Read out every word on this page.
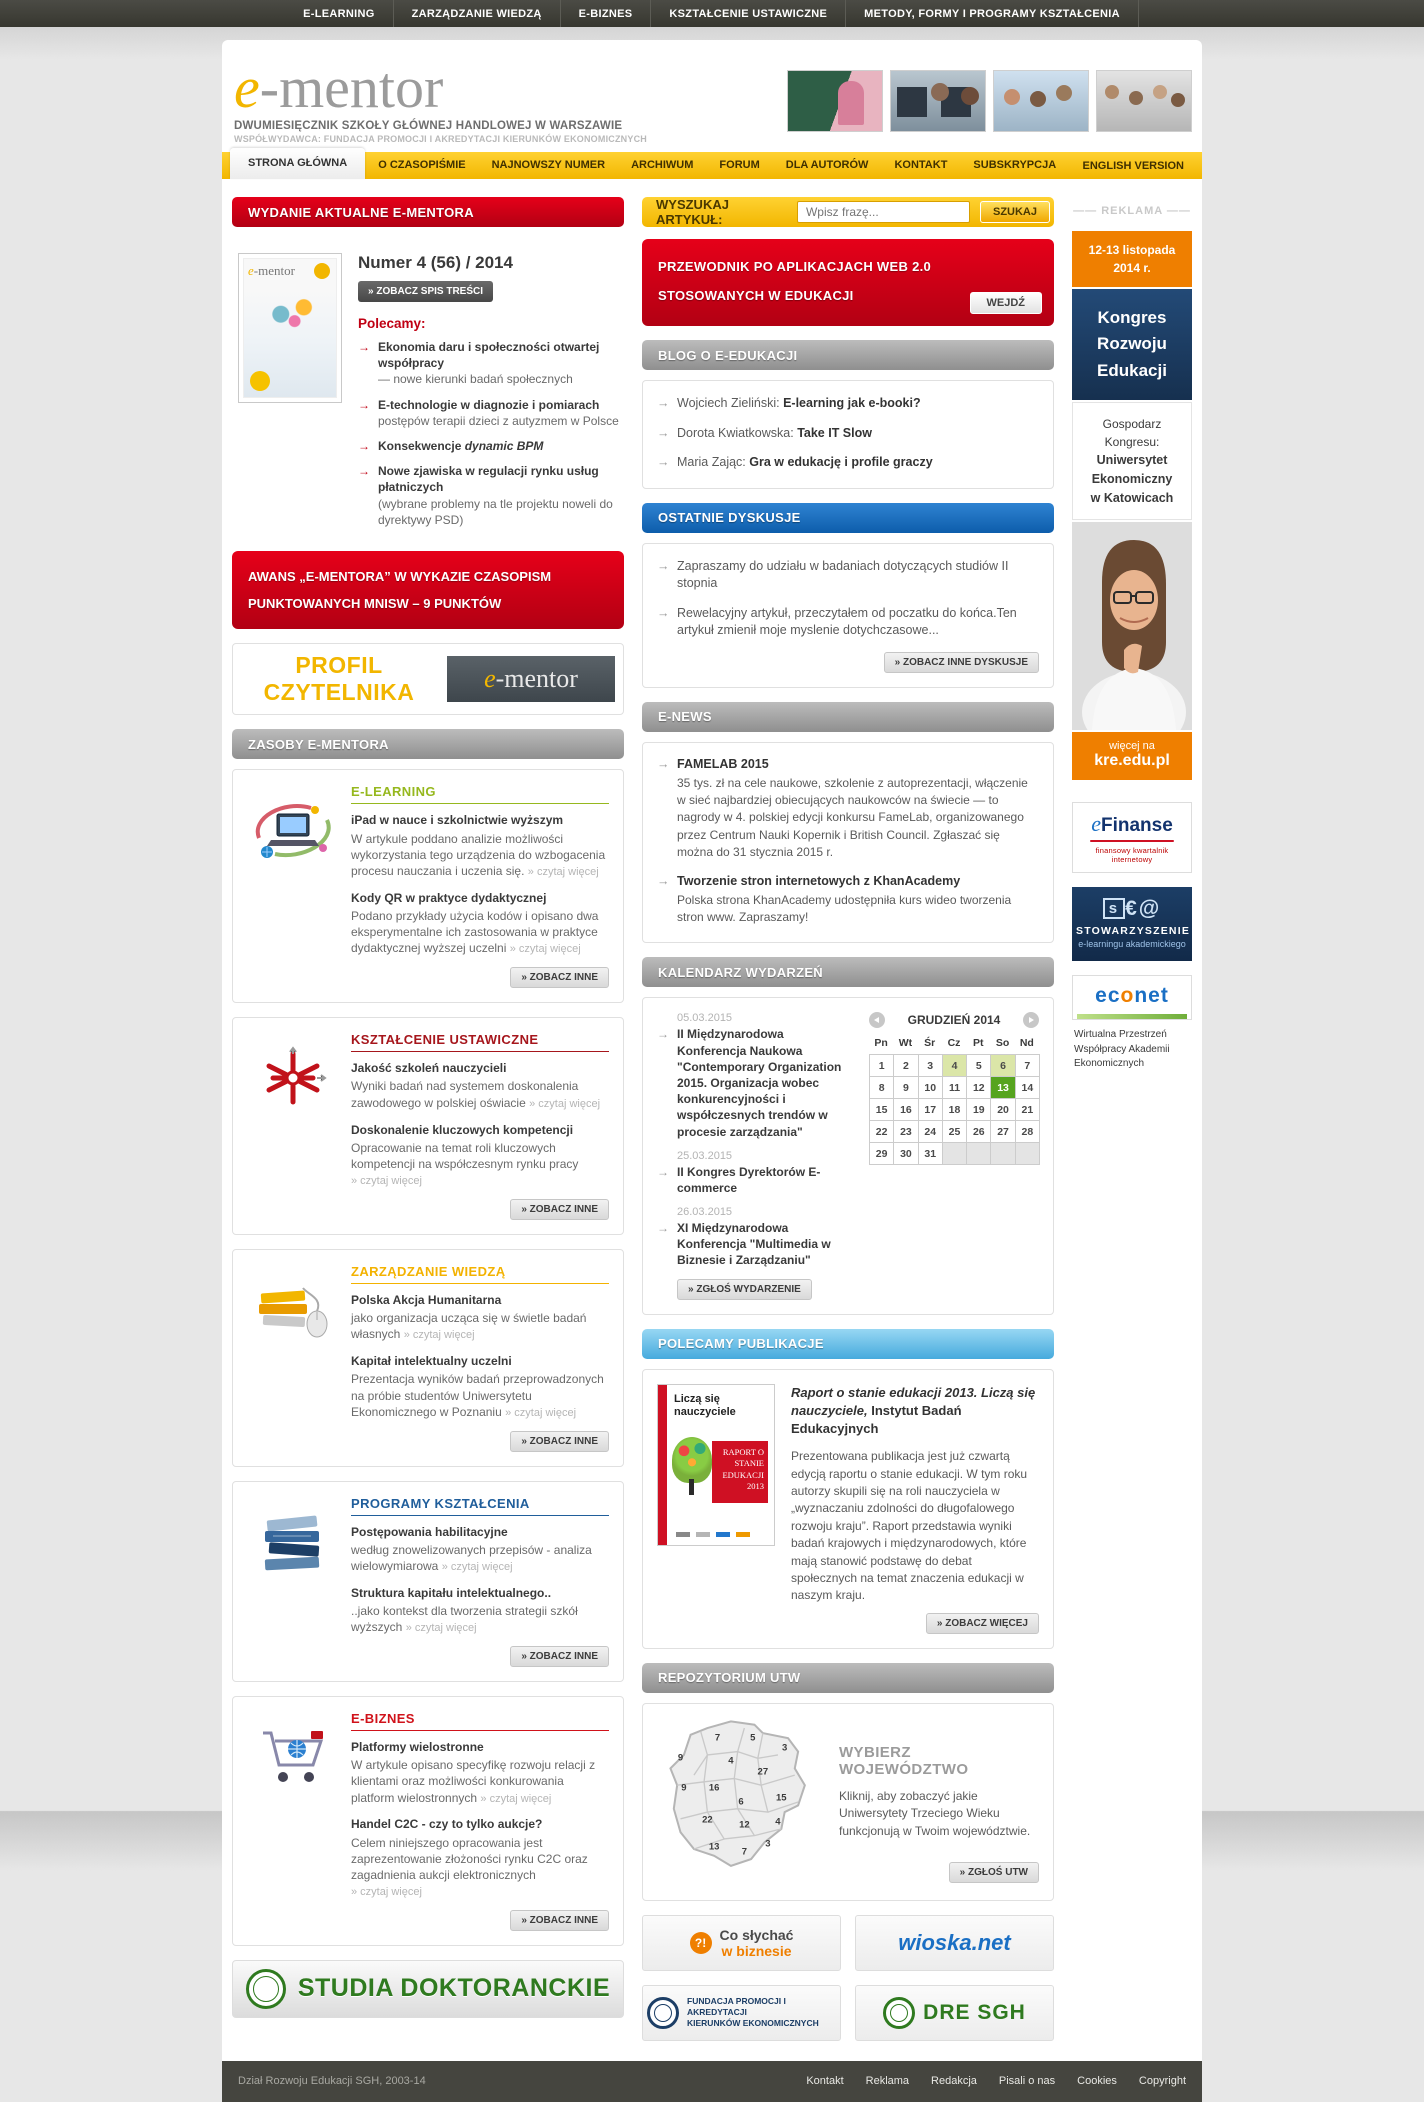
E-LEARNING	ZARZĄDZANIE WIEDZĄ	E-BIZNES	KSZTAŁCENIE USTAWICZNE	METODY, FORMY I PROGRAMY KSZTAŁCENIA
e-mentor
DWUMIESIĘCZNIK SZKOŁY GŁÓWNEJ HANDLOWEJ W WARSZAWIE
WSPÓŁWYDAWCA: FUNDACJA PROMOCJI I AKREDYTACJI KIERUNKÓW EKONOMICZNYCH
STRONA GŁÓWNA	O CZASOPIŚMIE	NAJNOWSZY NUMER	ARCHIWUM	FORUM	DLA AUTORÓW	KONTAKT	SUBSKRYPCJA	ENGLISH VERSION
WYDANIE AKTUALNE E-MENTORA
e-mentor	Numer 4 (56) / 2014
» ZOBACZ SPIS TREŚCI
Polecamy:
→ Ekonomia daru i społeczności otwartej współpracy
— nowe kierunki badań społecznych
→ E-technologie w diagnozie i pomiarach
postępów terapii dzieci z autyzmem w Polsce
→ Konsekwencje dynamic BPM
→ Nowe zjawiska w regulacji rynku usług płatniczych
(wybrane problemy na tle projektu noweli do dyrektywy PSD)
AWANS „E-MENTORA” W WYKAZIE CZASOPISM
PUNKTOWANYCH MNISW – 9 PUNKTÓW
PROFIL CZYTELNIKA	e -mentor
ZASOBY E-MENTORA
E-LEARNING
iPad w nauce i szkolnictwie wyższym
W artykule poddano analizie możliwości wykorzystania tego urządzenia do wzbogacenia procesu nauczania i uczenia się. » czytaj więcej
Kody QR w praktyce dydaktycznej
Podano przykłady użycia kodów i opisano dwa eksperymentalne ich zastosowania w praktyce dydaktycznej wyższej uczelni » czytaj więcej
» ZOBACZ INNE
KSZTAŁCENIE USTAWICZNE
Jakość szkoleń nauczycieli
Wyniki badań nad systemem doskonalenia zawodowego w polskiej oświacie » czytaj więcej
Doskonalenie kluczowych kompetencji
Opracowanie na temat roli kluczowych kompetencji na współczesnym rynku pracy » czytaj więcej
» ZOBACZ INNE
ZARZĄDZANIE WIEDZĄ
Polska Akcja Humanitarna
jako organizacja ucząca się w świetle badań własnych » czytaj więcej
Kapitał intelektualny uczelni
Prezentacja wyników badań przeprowadzonych na próbie studentów Uniwersytetu Ekonomicznego w Poznaniu » czytaj więcej
» ZOBACZ INNE
PROGRAMY KSZTAŁCENIA
Postępowania habilitacyjne
według znowelizowanych przepisów - analiza wielowymiarowa » czytaj więcej
Struktura kapitału intelektualnego..
..jako kontekst dla tworzenia strategii szkół wyższych » czytaj więcej
» ZOBACZ INNE
E-BIZNES
Platformy wielostronne
W artykule opisano specyfikę rozwoju relacji z klientami oraz możliwości konkurowania platform wielostronnych » czytaj więcej
Handel C2C - czy to tylko aukcje?
Celem niniejszego opracowania jest zaprezentowanie złożoności rynku C2C oraz zagadnienia aukcji elektronicznych » czytaj więcej
» ZOBACZ INNE
STUDIA DOKTORANCKIE
WYSZUKAJ ARTYKUŁ:
Wpisz frazę...	SZUKAJ
PRZEWODNIK PO APLIKACJACH WEB 2.0
STOSOWANYCH W EDUKACJI
WEJDŹ
BLOG O E-EDUKACJI
→ Wojciech Zieliński: E-learning jak e-booki?
→ Dorota Kwiatkowska: Take IT Slow
→ Maria Zając: Gra w edukację i profile graczy
OSTATNIE DYSKUSJE
→ Zapraszamy do udziału w badaniach dotyczących studiów II stopnia
→ Rewelacyjny artykuł, przeczytałem od poczatku do końca.Ten artykuł zmienił moje myslenie dotychczasowe...
» ZOBACZ INNE DYSKUSJE
E-NEWS
→ FAMELAB 2015
35 tys. zł na cele naukowe, szkolenie z autoprezentacji, włączenie w sieć najbardziej obiecujących naukowców na świecie — to nagrody w 4. polskiej edycji konkursu FameLab, organizowanego przez Centrum Nauki Kopernik i British Council. Zgłaszać się można do 31 stycznia 2015 r.
→ Tworzenie stron internetowych z KhanAcademy
Polska strona KhanAcademy udostępniła kurs wideo tworzenia stron www. Zapraszamy!
KALENDARZ WYDARZEŃ
05.03.2015
→ II Międzynarodowa Konferencja Naukowa "Contemporary Organization 2015. Organizacja wobec konkurencyjności i współczesnych trendów w procesie zarządzania"
25.03.2015
→ II Kongres Dyrektorów E-commerce
26.03.2015
→ XI Międzynarodowa Konferencja "Multimedia w Biznesie i Zarządzaniu"
» ZGŁOŚ WYDARZENIE
GRUDZIEŃ 2014
Pn	Wt	Śr	Cz	Pt	So	Nd
1	2	3	4	5	6	7
8	9	10	11	12	13	14
15	16	17	18	19	20	21
22	23	24	25	26	27	28
29	30	31
POLECAMY PUBLIKACJE
Liczą się nauczyciele
RAPORT O STANIE EDUKACJI 2013
Raport o stanie edukacji 2013. Liczą się nauczyciele, Instytut Badań Edukacyjnych
Prezentowana publikacja jest już czwartą edycją raportu o stanie edukacji. W tym roku autorzy skupili się na roli nauczyciela w „wyznaczaniu zdolności do długofalowego rozwoju kraju”. Raport przedstawia wyniki badań krajowych i międzynarodowych, które mają stanowić podstawę do debat społecznych na temat znaczenia edukacji w naszym kraju.
» ZOBACZ WIĘCEJ
REPOZYTORIUM UTW
7	5
3
9	4
27
9 16
6	15
22	12	4
13 7
3
WYBIERZ WOJEWÓDZTWO
Kliknij, aby zobaczyć jakie Uniwersytety Trzeciego Wieku funkcjonują w Twoim województwie.
» ZGŁOŚ UTW
?!
Co słychać
w biznesie	wioska.net
FUNDACJA PROMOCJI I AKREDYTACJI
KIERUNKÓW EKONOMICZNYCH	DRE SGH
—— REKLAMA ——
12-13 listopada
2014 r.
Kongres
Rozwoju
Edukacji
Gospodarz
Kongresu:
Uniwersytet
Ekonomiczny
w Katowicach
więcej na
kre.edu.pl
eFinanse
finansowy kwartalnik internetowy
s €@
STOWARZYSZENIE
e-learningu akademickiego
econet
Wirtualna Przestrzeń Współpracy Akademii Ekonomicznych
Dział Rozwoju Edukacji SGH, 2003-14	Kontakt Reklama Redakcja Pisali o nas Cookies Copyright
